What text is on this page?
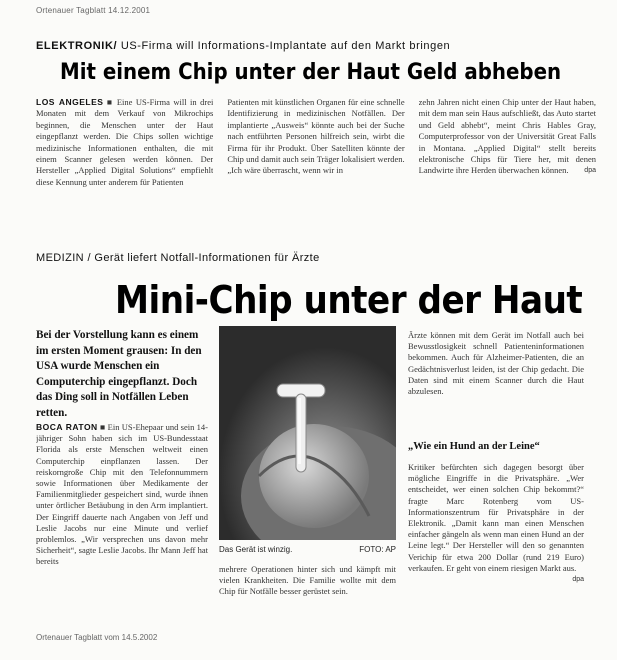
Ortenauer Tagblatt 14.12.2001
ELEKTRONIK/ US-Firma will Informations-Implantate auf den Markt bringen
Mit einem Chip unter der Haut Geld abheben
LOS ANGELES ■ Eine US-Firma will in drei Monaten mit dem Verkauf von Mikrochips beginnen, die Menschen unter der Haut eingepflanzt werden. Die Chips sollen wichtige medizinische Informationen enthalten, die mit einem Scanner gelesen werden können. Der Hersteller „Applied Digital Solutions“ empfiehlt diese Kennung unter anderem für Patienten
Patienten mit künstlichen Organen für eine schnelle Identifizierung in medizinischen Notfällen. Der implantierte „Ausweis“ könnte auch bei der Suche nach entführten Personen hilfreich sein, wirbt die Firma für ihr Produkt. Über Satelliten könnte der Chip und damit auch sein Träger lokalisiert werden. „Ich wäre überrascht, wenn wir in
zehn Jahren nicht einen Chip unter der Haut haben, mit dem man sein Haus aufschließt, das Auto startet und Geld abhebt“, meint Chris Hables Gray, Computerprofessor von der Universität Great Falls in Montana. „Applied Digital“ stellt bereits elektronische Chips für Tiere her, mit denen Landwirte ihre Herden überwachen können. dpa
MEDIZIN / Gerät liefert Notfall-Informationen für Ärzte
Mini-Chip unter der Haut
Bei der Vorstellung kann es einem im ersten Moment grausen: In den USA wurde Menschen ein Computerchip eingepflanzt. Doch das Ding soll in Notfällen Leben retten.
BOCA RATON ■ Ein US-Ehepaar und sein 14-jähriger Sohn haben sich im US-Bundesstaat Florida als erste Menschen weltweit einen Computerchip einpflanzen lassen. Der reiskorngroße Chip mit den Telefonnummern sowie Informationen über Medikamente der Familienmitglieder gespeichert sind, wurde ihnen unter örtlicher Betäubung in den Arm implantiert. Der Eingriff dauerte nach Angaben von Jeff und Leslie Jacobs nur eine Minute und verlief problemlos. „Wir versprechen uns davon mehr Sicherheit“, sagte Leslie Jacobs. Ihr Mann Jeff hat bereits
Das Gerät ist winzig.	FOTO: AP
mehrere Operationen hinter sich und kämpft mit vielen Krankheiten. Die Familie wollte mit dem Chip für Notfälle besser gerüstet sein.
Ärzte können mit dem Gerät im Notfall auch bei Bewusstlosigkeit schnell Patienteninformationen bekommen. Auch für Alzheimer-Patienten, die an Gedächtnisverlust leiden, ist der Chip gedacht. Die Daten sind mit einem Scanner durch die Haut abzulesen.
„Wie ein Hund an der Leine“
Kritiker befürchten sich dagegen besorgt über mögliche Eingriffe in die Privatsphäre. „Wer entscheidet, wer einen solchen Chip bekommt?“ fragte Marc Rotenberg vom US-Informationszentrum für Privatsphäre in der Elektronik. „Damit kann man einen Menschen einfacher gängeln als wenn man einen Hund an der Leine legt.“ Der Hersteller will den so genannten Verichip für etwa 200 Dollar (rund 219 Euro) verkaufen. Er geht von einem riesigen Markt aus.
dpa
Ortenauer Tagblatt vom 14.5.2002
